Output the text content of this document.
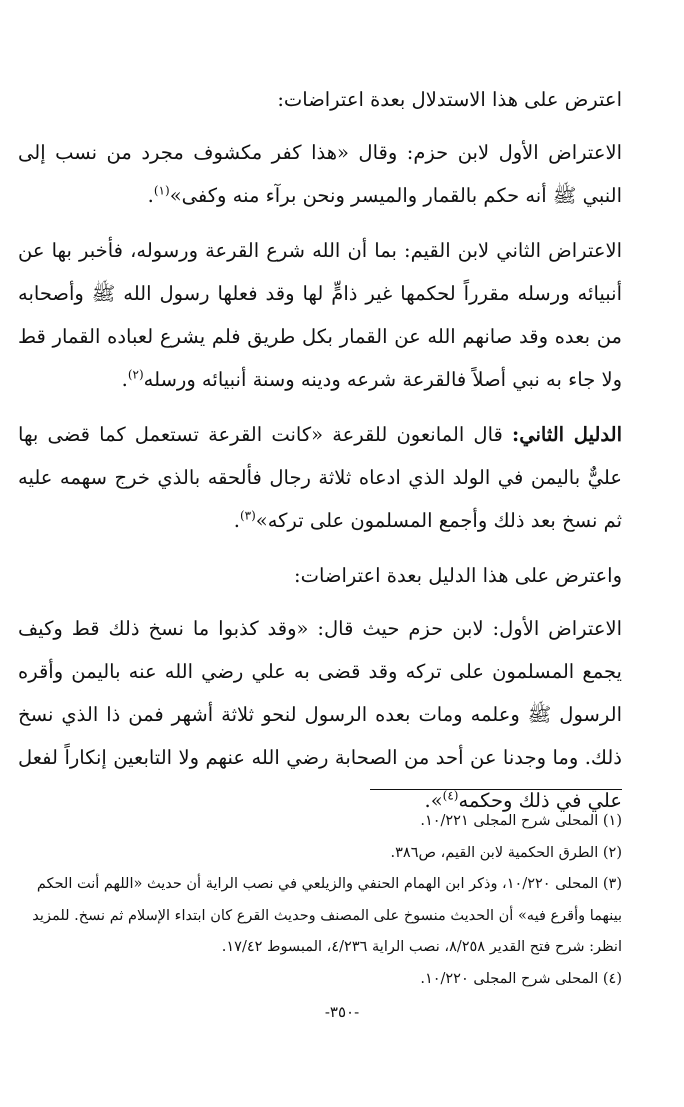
اعترض على هذا الاستدلال بعدة اعتراضات:

الاعتراض الأول لابن حزم: وقال «هذا كفر مكشوف مجرد من نسب إلى النبي ﷺ أنه حكم بالقمار والميسر ونحن برآء منه وكفى»$^{(١)}$.

الاعتراض الثاني لابن القيم: بما أن الله شرع القرعة ورسوله، فأخبر بها عن أنبيائه ورسله مقرراً لحكمها غير ذامٍّ لها وقد فعلها رسول الله ﷺ وأصحابه من بعده وقد صانهم الله عن القمار بكل طريق فلم يشرع لعباده القمار قط ولا جاء به نبي أصلاً فالقرعة شرعه ودينه وسنة أنبيائه ورسله$^{(٢)}$.

الدليل الثاني: قال المانعون للقرعة «كانت القرعة تستعمل كما قضى بها عليٌّ باليمن في الولد الذي ادعاه ثلاثة رجال فألحقه بالذي خرج سهمه عليه ثم نسخ بعد ذلك وأجمع المسلمون على تركه»$^{(٣)}$.

واعترض على هذا الدليل بعدة اعتراضات:

الاعتراض الأول: لابن حزم حيث قال: «وقد كذبوا ما نسخ ذلك قط وكيف يجمع المسلمون على تركه وقد قضى به علي رضي الله عنه باليمن وأقره الرسول ﷺ وعلمه ومات بعده الرسول لنحو ثلاثة أشهر فمن ذا الذي نسخ ذلك. وما وجدنا عن أحد من الصحابة رضي الله عنهم ولا التابعين إنكاراً لفعل علي في ذلك وحكمه$^{(٤)}$».

(١) المحلى شرح المجلى ١٠/٢٢١.
(٢) الطرق الحكمية لابن القيم، ص٣٨٦.
(٣) المحلى ١٠/٢٢٠، وذكر ابن الهمام الحنفي والزيلعي في نصب الراية أن حديث «اللهم أنت الحكم بينهما وأقرع فيه» أن الحديث منسوخ على المصنف وحديث القرع كان ابتداء الإسلام ثم نسخ. للمزيد انظر: شرح فتح القدير ٨/٢٥٨، نصب الراية ٤/٢٣٦، المبسوط ١٧/٤٢.
(٤) المحلى شرح المجلى ١٠/٢٢٠.
-٣٥٠-
